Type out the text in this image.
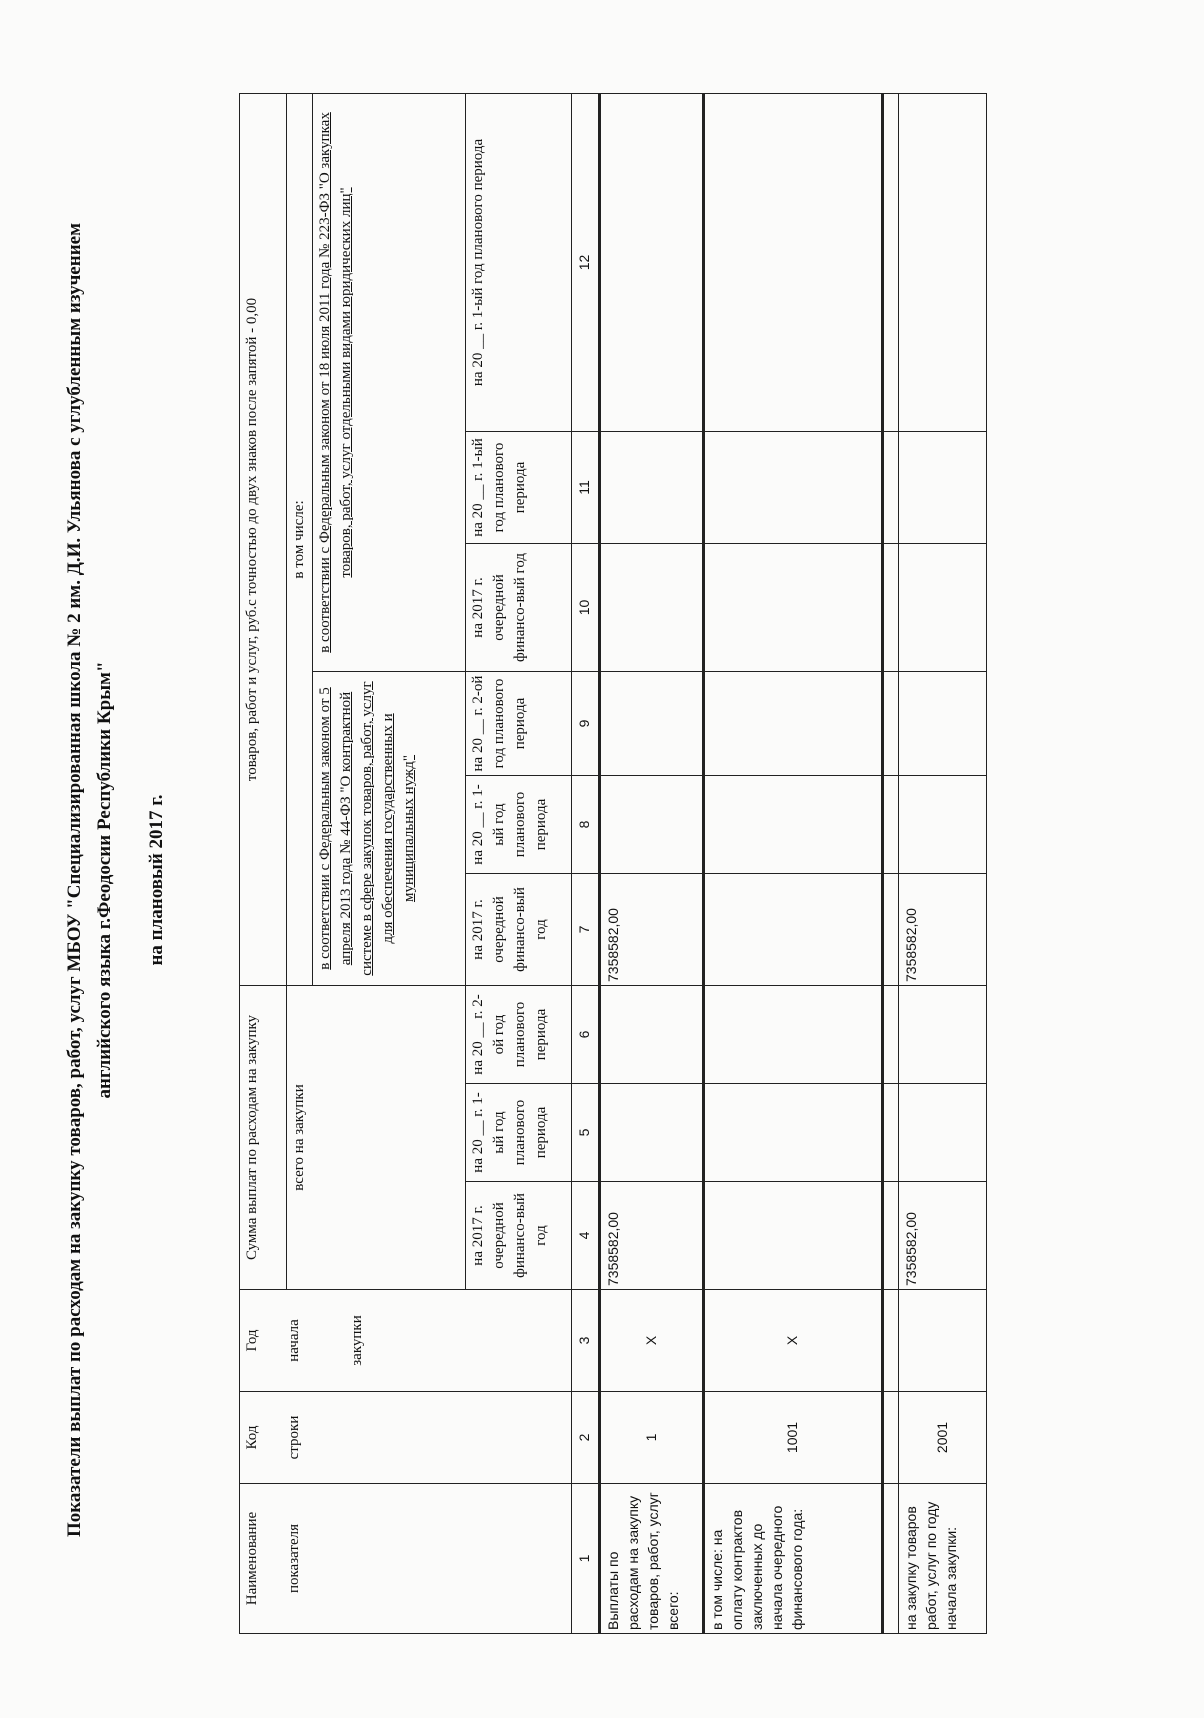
Показатели выплат по расходам на закупку товаров, работ, услуг МБОУ "Специализированная школа № 2 им. Д.И. Ульянова с углубленным изучением английского языка г.Феодосии Республики Крым" на плановый 2017 г.
Наименование показателя	Код строки	Год начала закупки	Сумма выплат по расходам на закупку			товаров, работ и услуг, руб.с точностью до двух знаков после запятой - 0,00					
			всего на закупки			в том числе:					
						в соответствии с Федеральным законом от 5 апреля 2013 года № 44-ФЗ "О контрактной системе в сфере закупок товаров, работ, услуг для обеспечения государственных и муниципальных нужд"			в соответствии с Федеральным законом от 18 июля 2011 года № 223-ФЗ "О закупках товаров, работ, услуг отдельными видами юридических лиц"		
			на 2017 г. очередной финансо-вый год	на 20 __ г. 1-ый год планового периода	на 20 __ г. 2-ой год планового периода	на 2017 г. очередной финансо-вый год	на 20 __ г. 1-ый год планового периода	на 20 __ г. 2-ой год планового периода	на 2017 г. очередной финансо-вый год	на 20 __ г. 1-ый год планового периода	на 20 __ г. 1-ый год планового периода
1	2	3	4	5	6	7	8	9	10	11	12
Выплаты по расходам на закупку товаров, работ, услуг всего:	1	X	7358582,00			7358582,00					
в том числе: на оплату контрактов заключенных до начала очередного финансового года:	1001	X									

на закупку товаров работ, услуг по году начала закупки:	2001		7358582,00			7358582,00					
